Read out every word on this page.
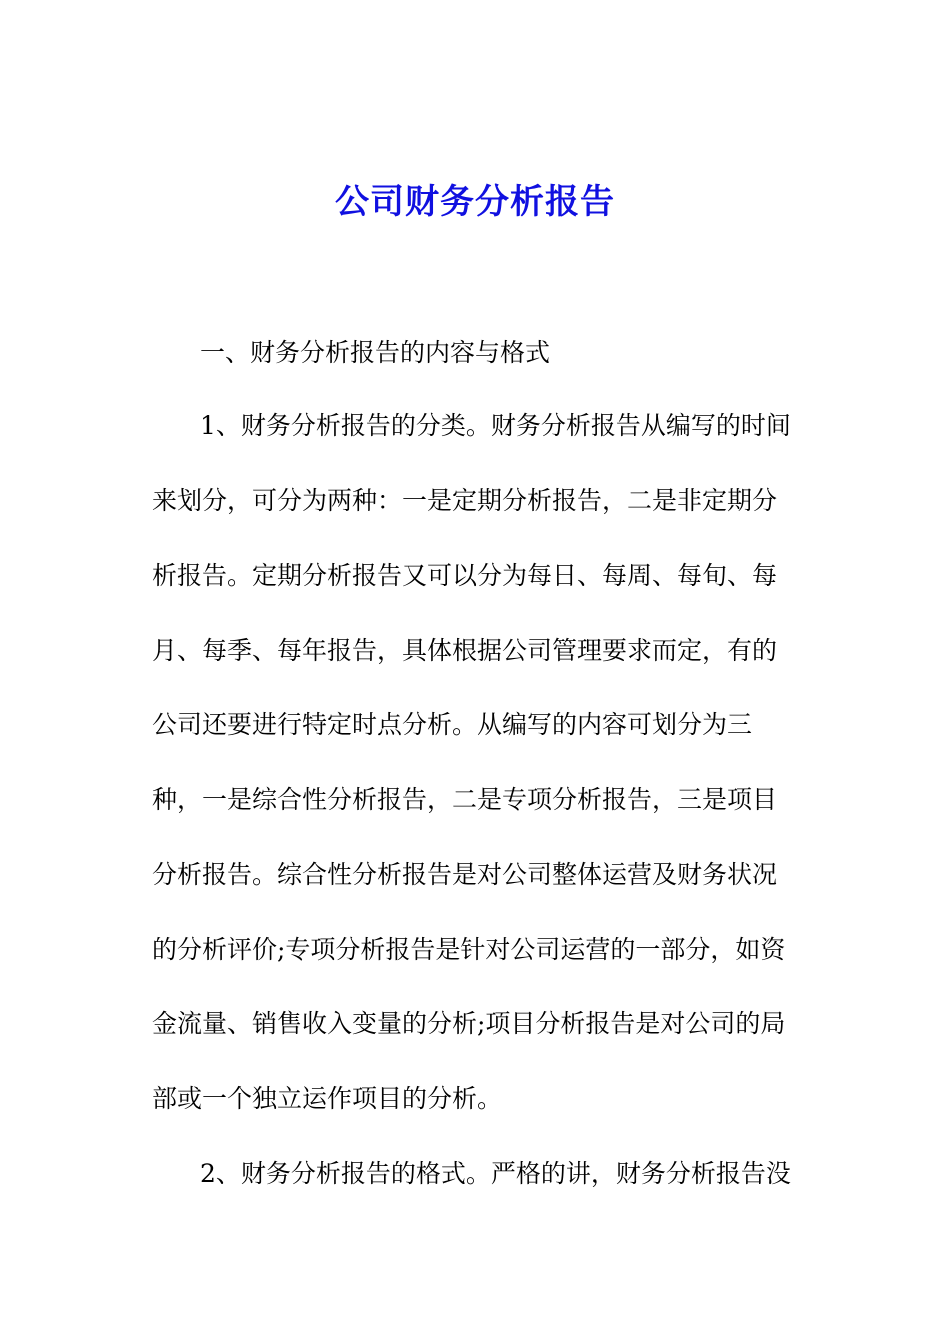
公司财务分析报告
一、财务分析报告的内容与格式
1、财务分析报告的分类。财务分析报告从编写的时间
来划分，可分为两种：一是定期分析报告，二是非定期分
析报告。定期分析报告又可以分为每日、每周、每旬、每
月、每季、每年报告，具体根据公司管理要求而定，有的
公司还要进行特定时点分析。从编写的内容可划分为三
种，一是综合性分析报告，二是专项分析报告，三是项目
分析报告。综合性分析报告是对公司整体运营及财务状况
的分析评价;专项分析报告是针对公司运营的一部分，如资
金流量、销售收入变量的分析;项目分析报告是对公司的局
部或一个独立运作项目的分析。
2、财务分析报告的格式。严格的讲，财务分析报告没
